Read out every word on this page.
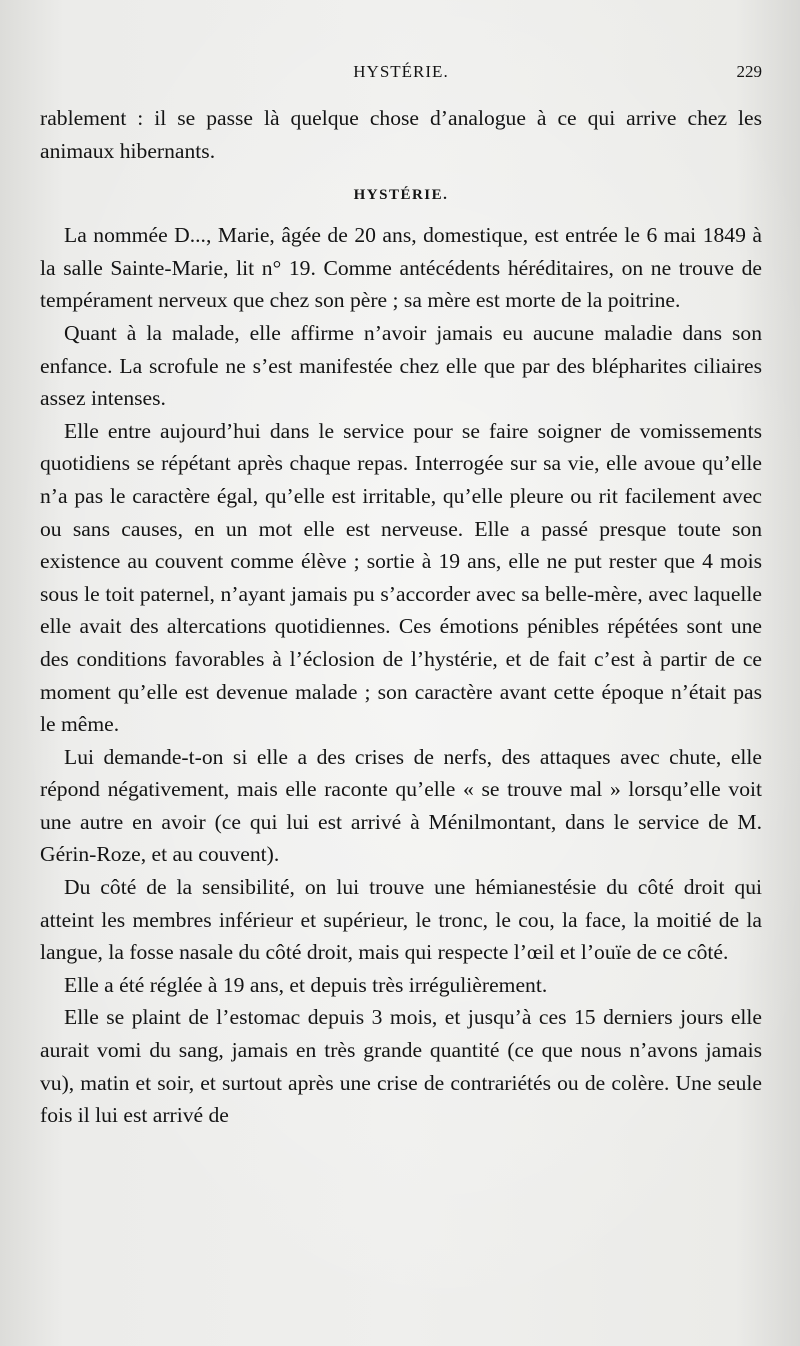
HYSTÉRIE.	229

rablement : il se passe là quelque chose d’analogue à ce qui arrive chez les animaux hibernants.

HYSTÉRIE.

La nommée D..., Marie, âgée de 20 ans, domestique, est entrée le 6 mai 1849 à la salle Sainte-Marie, lit n° 19. Comme antécédents héréditaires, on ne trouve de tempérament nerveux que chez son père ; sa mère est morte de la poitrine.

Quant à la malade, elle affirme n’avoir jamais eu aucune maladie dans son enfance. La scrofule ne s’est manifestée chez elle que par des blépharites ciliaires assez intenses.

Elle entre aujourd’hui dans le service pour se faire soigner de vomissements quotidiens se répétant après chaque repas. Interrogée sur sa vie, elle avoue qu’elle n’a pas le caractère égal, qu’elle est irritable, qu’elle pleure ou rit facilement avec ou sans causes, en un mot elle est nerveuse. Elle a passé presque toute son existence au couvent comme élève ; sortie à 19 ans, elle ne put rester que 4 mois sous le toit paternel, n’ayant jamais pu s’accorder avec sa belle-mère, avec laquelle elle avait des altercations quotidiennes. Ces émotions pénibles répétées sont une des conditions favorables à l’éclosion de l’hystérie, et de fait c’est à partir de ce moment qu’elle est devenue malade ; son caractère avant cette époque n’était pas le même.

Lui demande-t-on si elle a des crises de nerfs, des attaques avec chute, elle répond négativement, mais elle raconte qu’elle « se trouve mal » lorsqu’elle voit une autre en avoir (ce qui lui est arrivé à Ménilmontant, dans le service de M. Gérin-Roze, et au couvent).

Du côté de la sensibilité, on lui trouve une hémianestésie du côté droit qui atteint les membres inférieur et supérieur, le tronc, le cou, la face, la moitié de la langue, la fosse nasale du côté droit, mais qui respecte l’œil et l’ouïe de ce côté.

Elle a été réglée à 19 ans, et depuis très irrégulièrement.

Elle se plaint de l’estomac depuis 3 mois, et jusqu’à ces 15 derniers jours elle aurait vomi du sang, jamais en très grande quantité (ce que nous n’avons jamais vu), matin et soir, et surtout après une crise de contrariétés ou de colère. Une seule fois il lui est arrivé de
